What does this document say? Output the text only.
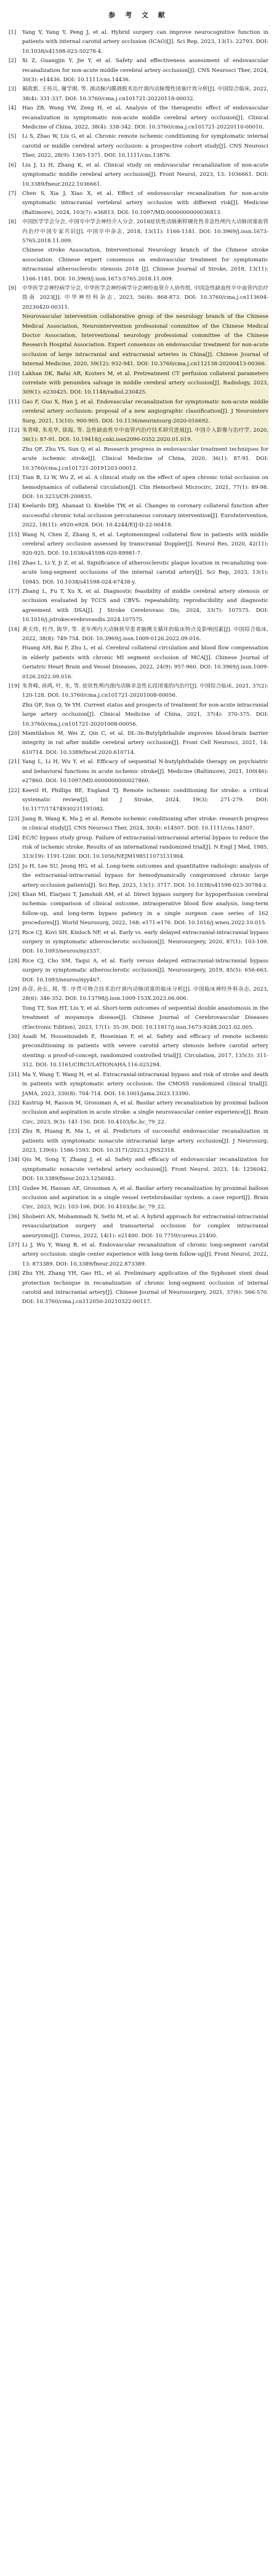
参 考 文 献
[1]	Yang Y, Yang Y, Peng J, et al. Hybrid surgery can improve neurocognitive function in patients with internal carotid artery occlusion (ICAO)[J]. Sci Rep, 2023, 13(1): 22793. DOI: 10.1038/s41598-023-50278-4.
[2]	Xi Z, Guangjin Y, Jie Y, et al. Safety and effectiveness assessment of endovascular recanalization for non-acute middle cerebral artery occlusion[J]. CNS Neurosci Ther, 2024, 30(3): e14436. DOI: 10.1111/cns.14436.
[3]	蔺政新, 王传兵, 谢学刚, 等. 颈动脉内膜剥脱术治疗颈内动脉慢性闭塞疗效分析[J]. 中国综合临床, 2022, 38(4): 331-337. DOI: 10.3760/cma.j.cn101721-20220118-00032.
[4]	Hao ZB, Wang YW, Zeng H, et al. Analysis of the therapeutic effect of endovascular recanalization in symptomatic non-acute middle cerebral artery occlusion[J]. Clinical Medicine of China, 2022, 38(4): 338-342. DOI: 10.3760/cma.j.cn101721-20220110-00010.
[5]	Li S, Zhao W, Liu G, et al. Chronic remote ischemic conditioning for symptomatic internal carotid or middle cerebral artery occlusion: a prospective cohort study[J]. CNS Neurosci Ther, 2022, 28(9): 1365-1371. DOI: 10.1111/cns.13876.
[6]	Liu J, Li H, Zhang K, et al. Clinical study on endovascular recanalization of non-acute symptomatic middle cerebral artery occlusion[J]. Front Neurol, 2023, 13: 1036661. DOI: 10.3389/fneur.2022.1036661.
[7]	Chen S, Xia J, Xiao X, et al. Effect of endovascular recanalization for non-acute symptomatic intracranial vertebral artery occlusion with different risk[J]. Medicine (Baltimore), 2024, 103(7): e36813. DOI: 10.1097/MD.0000000000036813.
[8]	中国医学学会分会, 中国卒中学会神经介入分会. 2018症状性动脉粥样硬化性非急性颅内大动脉闭塞血管内治疗中国专家共识[J]. 中国卒中杂志, 2018, 13(11): 1166-1181. DOI: 10.3969/j.issn.1673-5765.2018.11.009.
Chinese stroke Association, Interventional Neurology branch of the Chinese stroke association. Chinese expert consensus on endovascular treatment for symptomatic intracranial atherosclerotic stenosis 2018 [J]. Chinese Journal of Stroke, 2018, 13(11): 1166-1181. DOI: 10.3969/j.issn.1673-5765.2018.11.009.
[9]	中华医学会神经病学分会, 中华医学会神经病学分会神经血管介入协作组. 中国急性缺血性卒中血管内治疗指南 2023[J]. 中华神经科杂志, 2023, 56(8): 868-873. DOI: 10.3760/cma.j.cn113694-20230420-00311.
Neurovascular intervention collaborative group of the neurology branch of the Chinese Medical Association, Neurointervention professional committee of the Chinese Medical Doctor Association, Interventional neurology professional committee of the Chinese Research Hospital Association. Expert consensus on endovascular treatment for non-acute occlusion of large intracranial and extracranial arteries in China[J]. Chinese Journal of Internal Medicine, 2020, 59(12): 932-941. DOI: 10.3760/cma.j.cn112138-20200413-00366.
[10] Lakhan DK, Bafai AR, Kosters M, et al. Pretreatment CT perfusion collateral parameters correlate with penumbra salvage in middle cerebral artery occlusion[J]. Radiology, 2023, 309(1): e230425. DOI: 10.1148/radiol.230425.
[11] Gao F, Guo X, Han J, et al. Endovascular recanalization for symptomatic non-acute middle cerebral artery occlusion: proposal of a new angiographic classification[J]. J Neurointerv Surg, 2021, 13(10): 900-905. DOI: 10.1136/neurintsurg-2020-016692.
[12] 朱青峰, 朱兆华, 徐海, 等. 急性缺血性卒中血管内治疗技术研究进展[J]. 中国介入影像与治疗学, 2020, 36(1): 87-91. DOI: 10.19418/j.cnki.issn2096-0352.2020.01.019.
Zhu QF, Zhu YS, Sun Q, et al. Research progress in endovascular treatment techniques for acute ischemic stroke[J]. Clinical Medicine of China, 2020, 36(1): 87-91. DOI: 10.3760/cma.j.cn101721-20191203-00012.
[13] Tian B, Li W, Wu Z, et al. A clinical study on the effect of open chronic total occlusion on hemodynamics of collateral circulation[J]. Clin Hemorheol Microcirc, 2021, 77(1): 89-98. DOI: 10.3233/CH-200835.
[14] Keelards DEJ, Ahanaat O, Knebbe TW, et al. Changes in coronary collateral function after successful chronic total occlusion percutaneous coronary intervention[J]. EuroIntervention, 2022, 18(11): e920-e928. DOI: 10.4244/EIJ-D-22-00418.
[15] Wang N, Chen Z, Zhang S, et al. Leptomeningeal collateral flow in patients with middle cerebral artery occlusion assessed by transcranial Doppler[J]. Neurol Res, 2020, 42(11): 920-925. DOI: 10.1038/s41598-020-89981-7.
[16] Zhao L, Li Y, Ji Z, et al. Significance of atherosclerotic plaque location in recanalizing non-acute long-segment occlusions of the internal carotid artery[J]. Sci Rep, 2023, 13(1): 10945. DOI: 10.1038/s41598-024-67438-y.
[17] Zhang L, Fu T, Xu X, et al. Diagnostic feasibility of middle cerebral artery stenosis or occlusion evaluated by TCCS and CBVS: repeatability, reproducibility and diagnostic agreement with DSA[J]. J Stroke Cerebrovasc Dis, 2024, 33(7): 107575. DOI: 10.1016/j.jstrokecerebrovasdis.2024.107575.
[18] 黄天伟, 杜丹, 陈华, 等. 老年颅内大动脉狭窄患者脑侧支循环的临床特点及影响因素[J]. 中国综合临床, 2022, 38(8): 749-754. DOI: 10.3969/j.issn.1009-0126.2022.09.016.
Huang AH, Bai F, Zhu L, et al. Cerebral collateral circulation and blood flow compensation in elderly patients with chronic MI segment occlusion of MCA[J]. Chinese Journal of Geriatric Heart Brain and Vessel Diseases, 2022, 24(9): 957-960. DOI: 10.3969/j.issn.1009-0126.2022.09.016.
[19] 朱青峰, 孙鸿, 叶, 朱, 等. 症状性颅内颈内动脉非急性长段闭塞的内治疗[J]. 中国综合临床, 2021, 37(2): 120-128. DOI: 10.3760/cma.j.cn101721-20201008-00056.
Zhu QF, Sun Q, Ye YH. Current status and prospects of treatment for non-acute intracranial large artery occlusion[J]. Clinical Medicine of China, 2021, 37(4): 370-375. DOI: 10.3760/cma.j.cn101721-20201008-00056.
[20] Mamtilahun M, Wei Z, Qin C, et al. DL-3n-Butylphthalide improves blood-brain barrier integrity in rat after middle cerebral artery occlusion[J]. Front Cell Neurosci, 2021, 14: 610714. DOI: 10.3389/fncel.2020.610714.
[21] Yang L, Li H, Wu Y, et al. Efficacy of sequential N-butylphthalide therapy on psychiatric and behavioral functions in acute ischemic stroke[J]. Medicine (Baltimore), 2021, 100(46): e27860. DOI: 10.1097/MD.0000000000027860.
[22] Keevil H, Phillips BE, England TJ. Remote ischemic conditioning for stroke: a critical systematic review[J]. Int J Stroke, 2024, 19(3): 271-279. DOI: 10.1177/17474930231191082.
[23] Jiang B, Wang K, Ma J, et al. Remote ischemic conditioning after stroke: research progress in clinical study[J]. CNS Neurosci Ther, 2024, 30(4): e14507. DOI: 10.1111/cns.14507.
[24] EC/IC bypass study group. Failure of extracranial-intracranial arterial bypass to reduce the risk of ischemic stroke. Results of an international randomized trial[J]. N Engl J Med, 1985, 313(19): 1191-1200. DOI: 10.1056/NEJM198511073131904.
[25] Jo H, Lee SU, Jeong HG, et al. Long-term outcomes and quantitative radiologic analysis of the extracranial-intracranial bypass for hemodynamically compromised chronic large artery occlusion patients[J]. Sci Rep, 2023, 13(1): 3717. DOI: 10.1038/s41598-023-30784-z.
[26] Khan MI, Elarjani T, Jamshidi AM, et al. Direct bypass surgery for hypoperfusion cerebral ischemia: comparison of clinical outcome, intraoperative blood flow analysis, long-term follow-up, and long-term bypass patency in a single surgeon case series of 162 procedures[J]. World Neurosurg, 2022, 168: e171-e176. DOI: 10.1016/j.wneu.2022.10.015.
[27] Rice CJ, Kovi SH, Kinloch NF, et al. Early vs. early delayed extracranial-intracranial bypass surgery in symptomatic atherosclerotic occlusion[J]. Neurosurgery, 2020, 87(1): 103-109. DOI: 10.1093/neuros/nyz337.
[28] Rice CJ, Cho SM, Taqui A, et al. Early versus delayed extracranial-intracranial bypass surgery in symptomatic atherosclerotic occlusion[J]. Neurosurgery, 2019, 85(5): 656-663. DOI: 10.1093/neuros/nyy467.
[29] 孙彦, 孙长, 周, 等. 序贯可吻合技术治疗颈内动脉闭塞的临床分析[J]. 中国临床神经外科杂志, 2023, 28(6): 346-352. DOI: 10.13798/j.issn.1009-153X.2023.06.006.
Tong TT, Sun HT, Liu Y, et al. Short-term outcomes of sequential double anastomosis in the treatment of moyamoya disease[J]. Chinese Journal of Cerebrovascular Diseases (Electronic Edition), 2023, 17(1): 35-39. DOI: 10.11817/j.issn.1673-9248.2021.02.005.
[30] Asadi M, Hosseinzadeh E, Hoseinian F, et al. Safety and efficacy of remote ischemic preconditioning in patients with severe carotid artery stenosis before carotid artery stenting: a proof-of-concept, randomized controlled trial[J]. Circulation, 2017, 135(3): 311-312. DOI: 10.1161/CIRCULATIONAHA.116.025294.
[31] Ma Y, Wang T, Wang H, et al. Extracranial-intracranial bypass and risk of stroke and death in patients with symptomatic artery occlusion: the CMOSS randomized clinical trial[J]. JAMA, 2023, 330(8): 704-714. DOI: 10.1001/jama.2023.13390.
[32] Kastrup M, Rasson M, Grossman A, et al. Basilar artery recanalization by proximal balloon occlusion and aspiration in acute stroke: a single neurovascular center experience[J]. Brain Circ, 2023, 9(3): 141-150. DOI: 10.4103/bc.bc_79_22.
[33] Zhu B, Huang R, Ma L, et al. Predictors of successful endovascular recanalization in patients with symptomatic nonacute intracranial large artery occlusion[J]. J Neurosurg, 2023, 139(6): 1586-1593. DOI: 10.3171/2023.3.JNS2318.
[34] Qiu M, Song Y, Zhang J, et al. Safety and efficacy of endovascular recanalization for symptomatic nonacute vertebral artery occlusion[J]. Front Neurol, 2023, 14: 1256042. DOI: 10.3389/fneur.2023.1256042.
[35] Gudee M, Hassan AE, Grossman A, et al. Basilar artery recanalization by proximal balloon occlusion and aspiration in a single vessel vertebrobasilar system: a case report[J]. Brain Circ, 2023, 9(2): 103-106. DOI: 10.4103/bc.bc_79_22.
[36] Shobeiri AN, Mohammadi N, Sethi M, et al. A hybrid approach for extracranial-intracranial revascularization surgery and transarterial occlusion for complex intracranial aneurysms[J]. Cureus, 2022, 14(1): e21400. DOI: 10.7759/cureus.21400.
[37] Li J, Wu Y, Wang B, et al. Endovascular recanalization of chronic long-segment carotid artery occlusion: single center experience with long-term follow-up[J]. Front Neurol, 2022, 13: 873389. DOI: 10.3389/fneur.2022.873389.
[38] Zhu YH, Zhang YH, Gao HL, et al. Preliminary application of the Syphonet stent dead protection technique in recanalization of chronic long-segment occlusion of internal carotid and intracranial artery[J]. Chinese Journal of Neurosurgery, 2021, 37(6): 566-570. DOI: 10.3760/cma.j.cn112050-20210322-00117.
